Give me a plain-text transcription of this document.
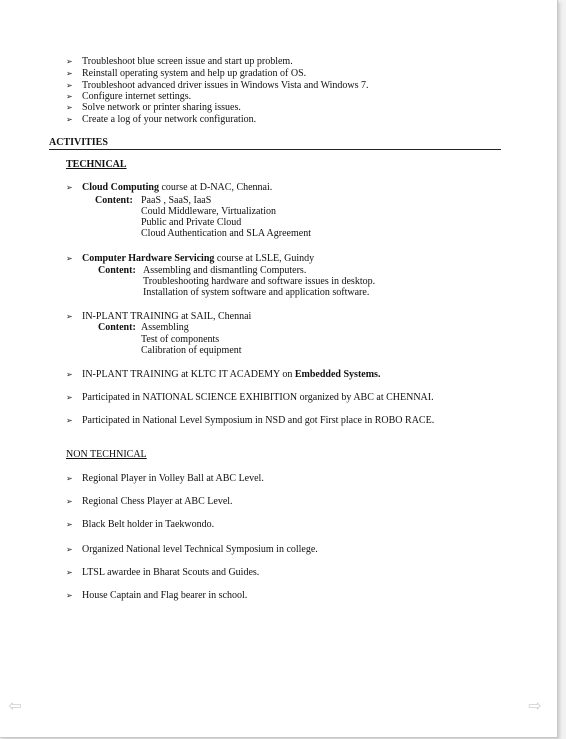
➢ Troubleshoot blue screen issue and start up problem.
➢ Reinstall operating system and help up gradation of OS.
➢ Troubleshoot advanced driver issues in Windows Vista and Windows 7.
➢ Configure internet settings.
➢ Solve network or printer sharing issues.
➢ Create a log of your network configuration.
ACTIVITIES
TECHNICAL
➢ Cloud Computing course at D-NAC, Chennai.
Content: PaaS , SaaS, IaaS
Could Middleware, Virtualization
Public and Private Cloud
Cloud Authentication and SLA Agreement
➢ Computer Hardware Servicing course at LSLE, Guindy
Content: Assembling and dismantling Computers.
Troubleshooting hardware and software issues in desktop.
Installation of system software and application software.
➢ IN-PLANT TRAINING at SAIL, Chennai
Content: Assembling
Test of components
Calibration of equipment
➢ IN-PLANT TRAINING at KLTC IT ACADEMY on Embedded Systems.
➢ Participated in NATIONAL SCIENCE EXHIBITION organized by ABC at CHENNAI.
➢ Participated in National Level Symposium in NSD and got First place in ROBO RACE.
NON TECHNICAL
➢ Regional Player in Volley Ball at ABC Level.
➢ Regional Chess Player at ABC Level.
➢ Black Belt holder in Taekwondo.
➢ Organized National level Technical Symposium in college.
➢ LTSL awardee in Bharat Scouts and Guides.
➢ House Captain and Flag bearer in school.
⇦	⇨
